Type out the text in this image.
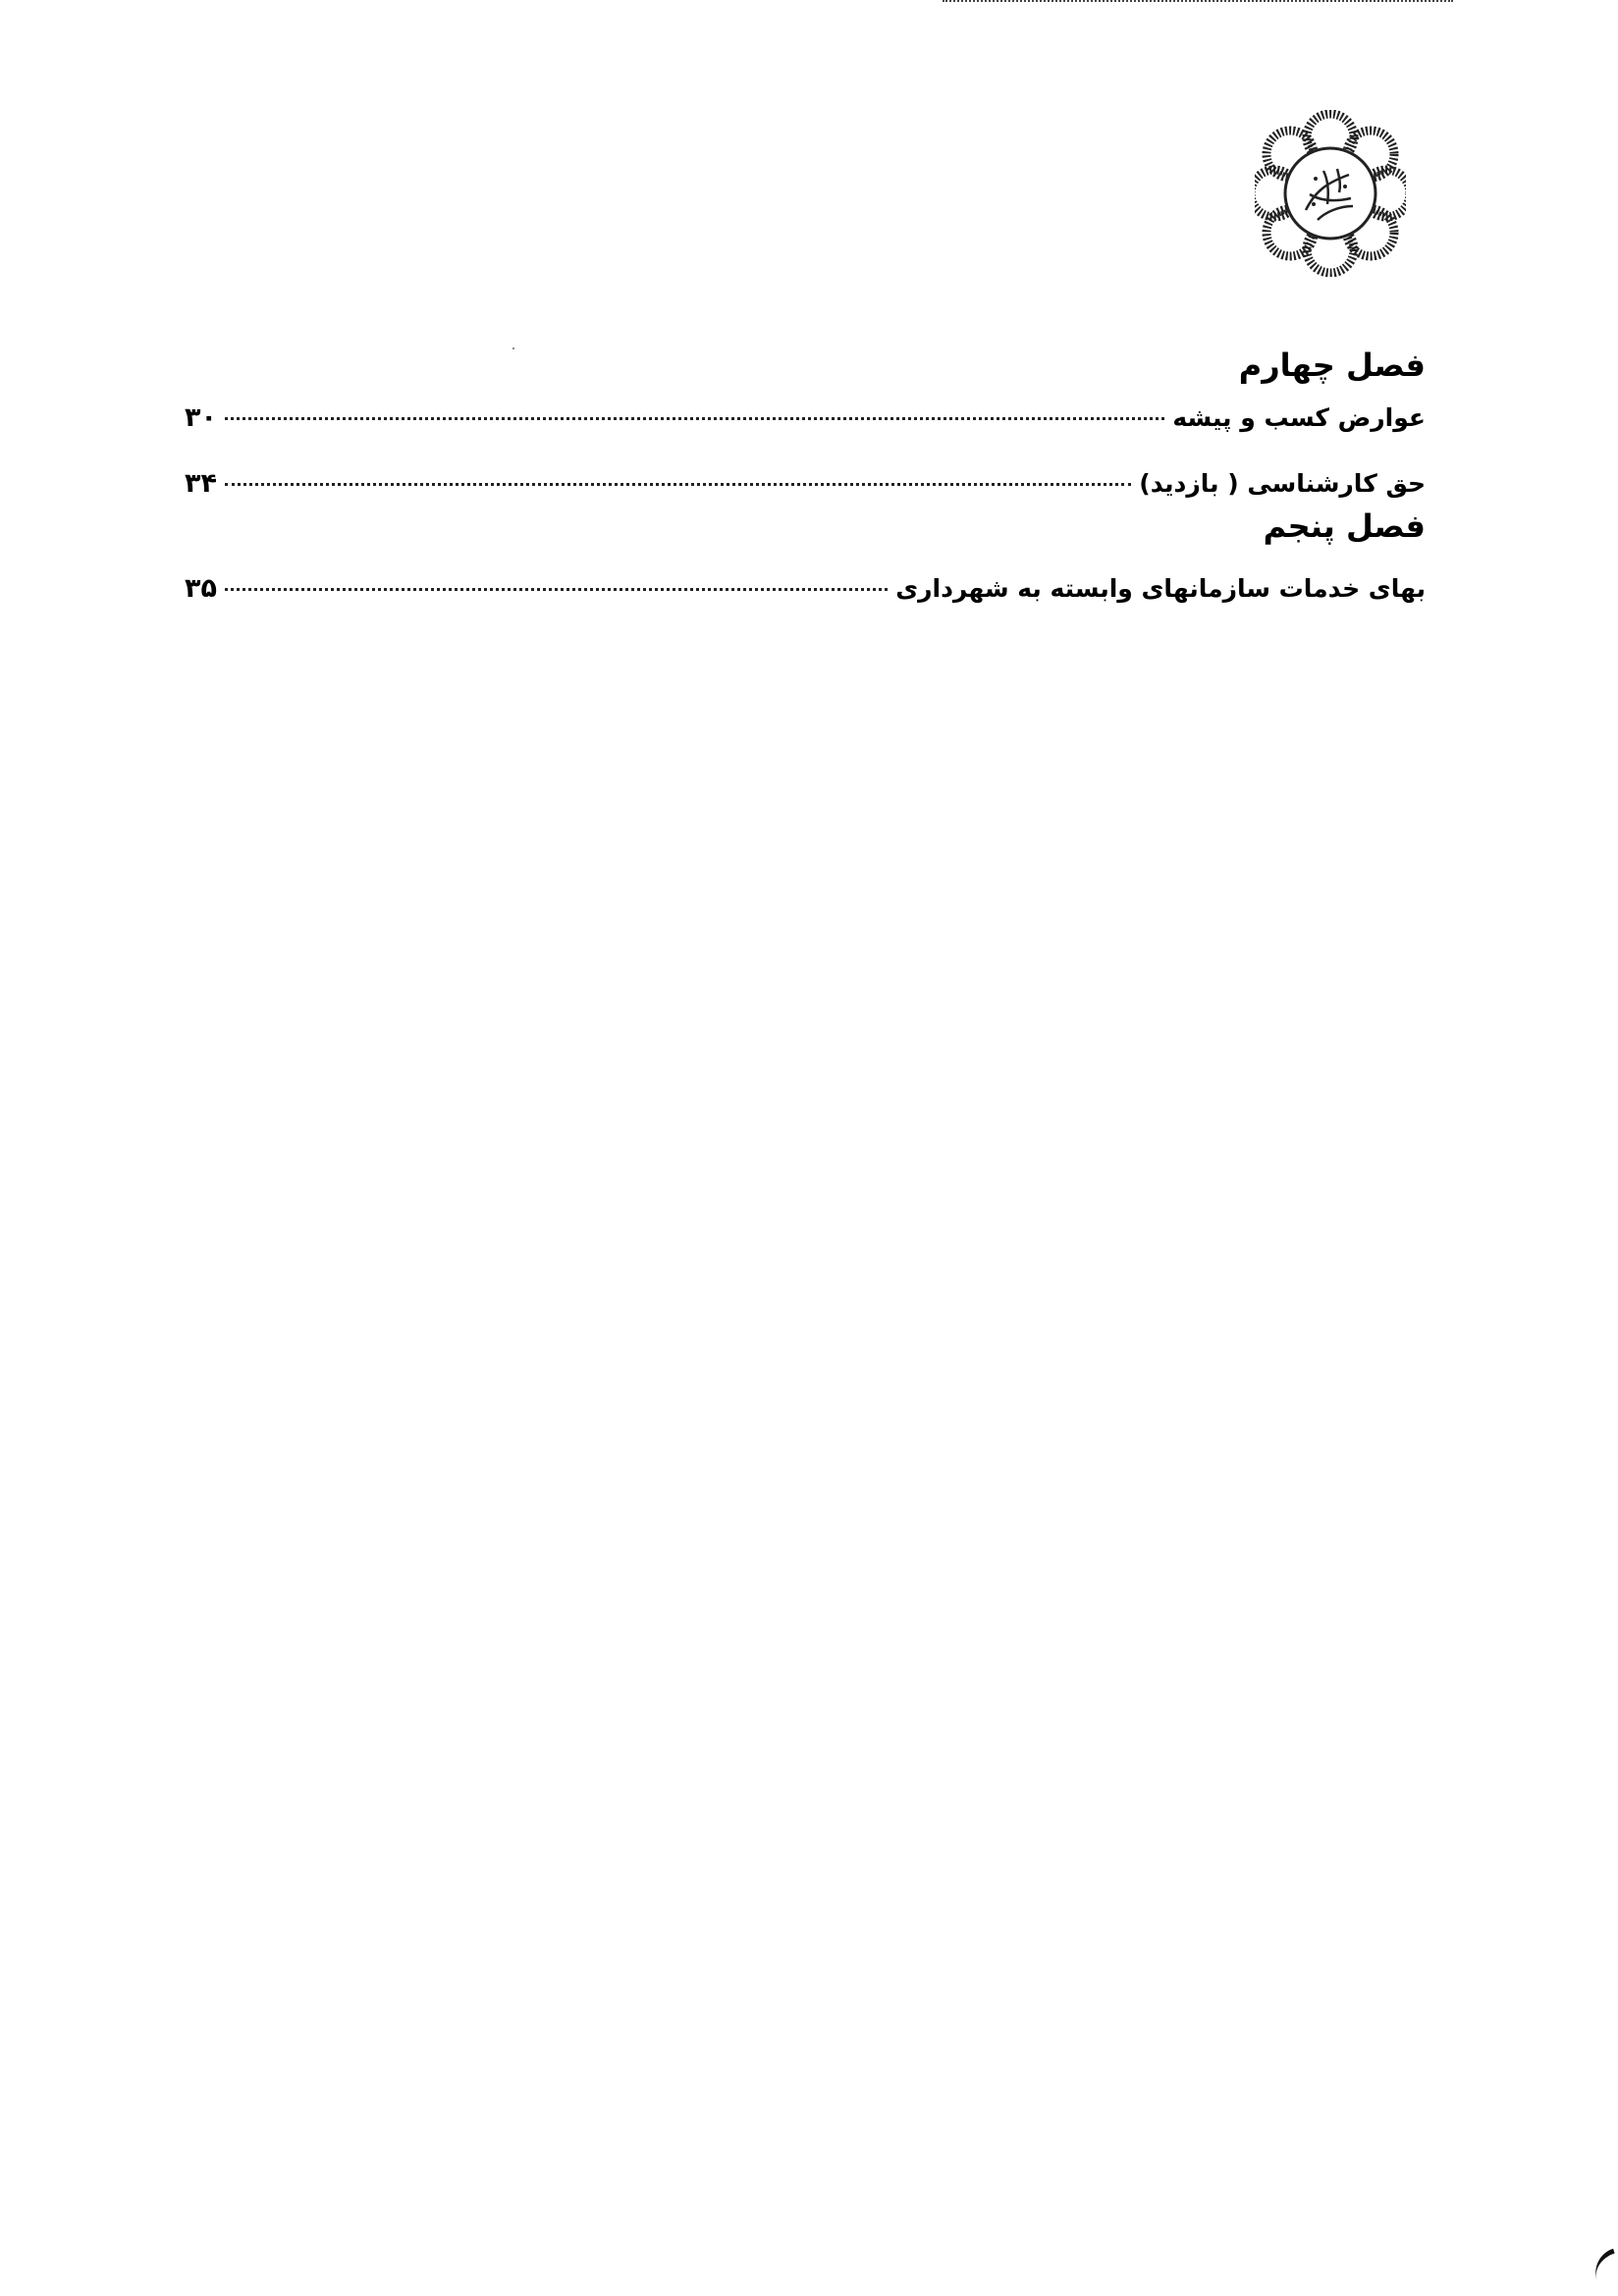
فصل چهارم
عوارض کسب و پیشه
۳۰
حق کارشناسی ( بازدید)
۳۴
فصل پنجم
بهای خدمات سازمانهای وابسته به شهرداری
۳۵
